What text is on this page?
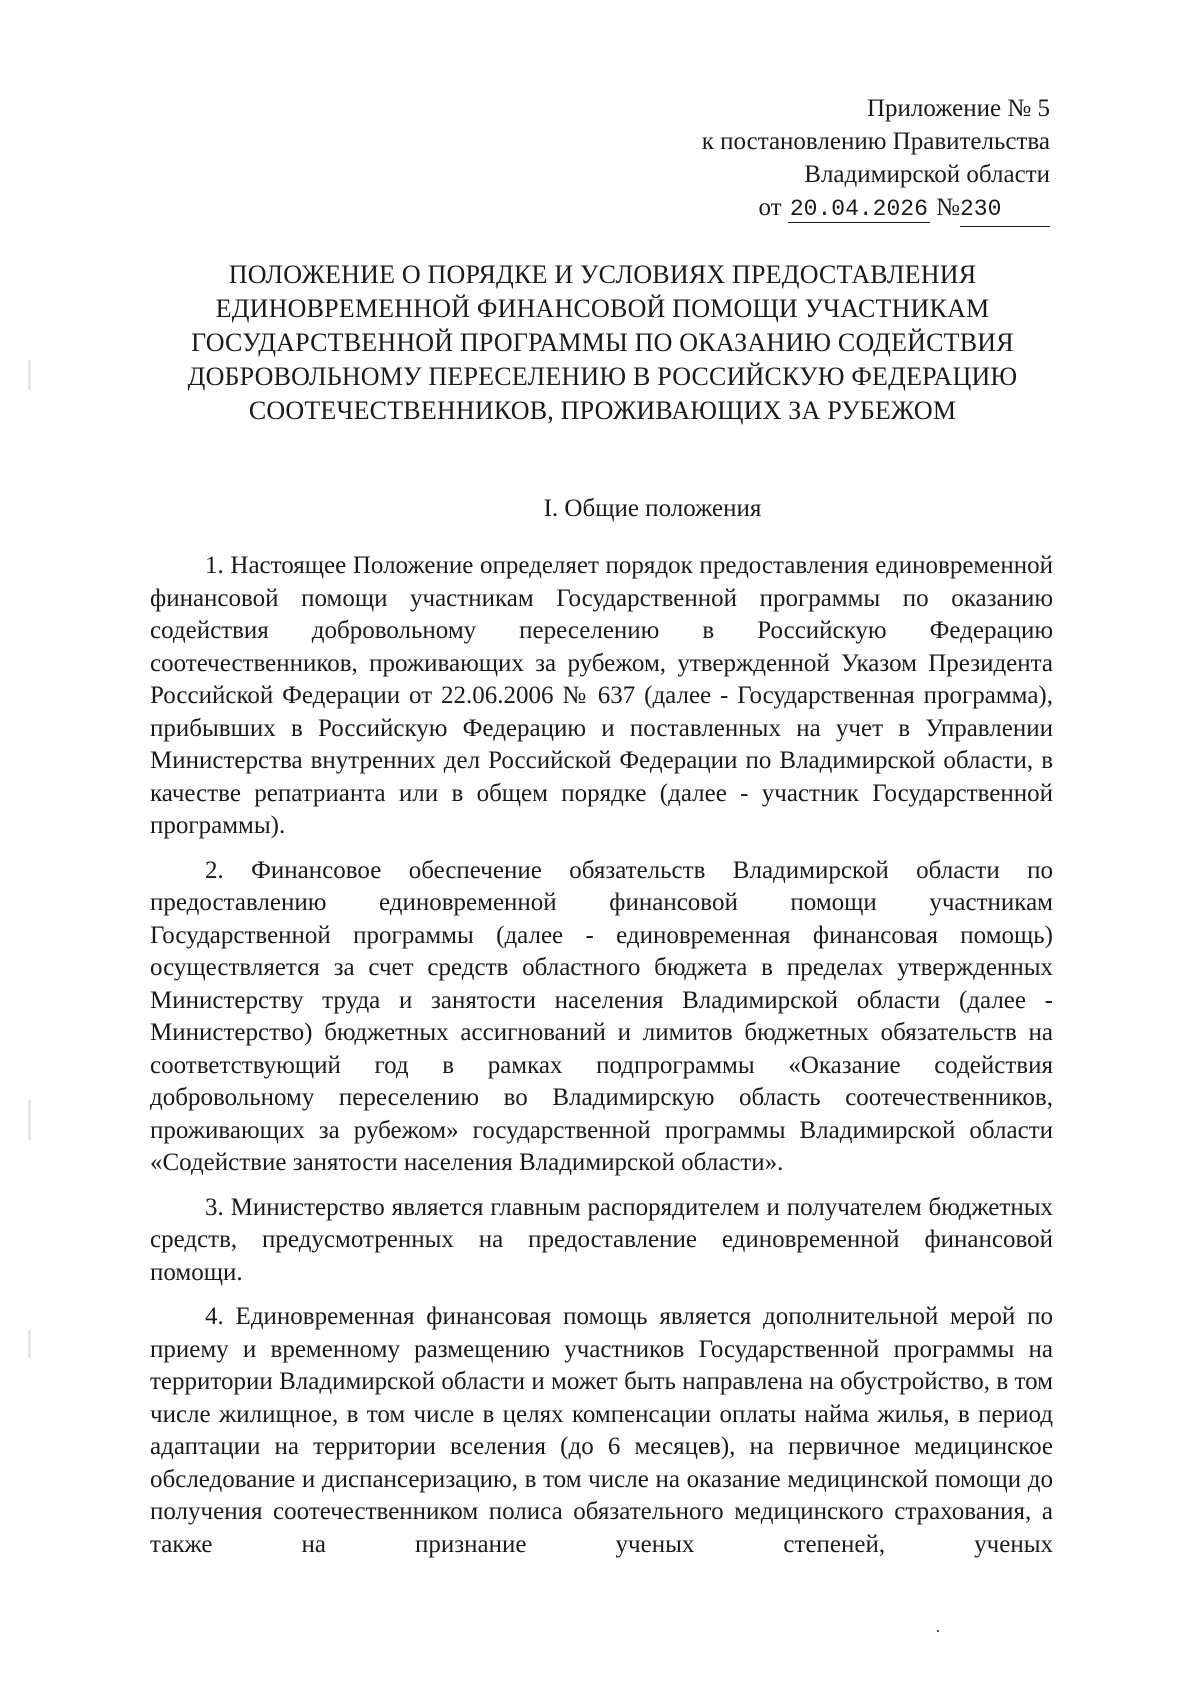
Приложение № 5
к постановлению Правительства
Владимирской области
от 20.04.2026 №230
ПОЛОЖЕНИЕ О ПОРЯДКЕ И УСЛОВИЯХ ПРЕДОСТАВЛЕНИЯ
ЕДИНОВРЕМЕННОЙ ФИНАНСОВОЙ ПОМОЩИ УЧАСТНИКАМ
ГОСУДАРСТВЕННОЙ ПРОГРАММЫ ПО ОКАЗАНИЮ СОДЕЙСТВИЯ
ДОБРОВОЛЬНОМУ ПЕРЕСЕЛЕНИЮ В РОССИЙСКУЮ ФЕДЕРАЦИЮ
СООТЕЧЕСТВЕННИКОВ, ПРОЖИВАЮЩИХ ЗА РУБЕЖОМ
I. Общие положения

1. Настоящее Положение определяет порядок предоставления единовременной финансовой помощи участникам Государственной программы по оказанию содействия добровольному переселению в Российскую Федерацию соотечественников, проживающих за рубежом, утвержденной Указом Президента Российской Федерации от 22.06.2006 № 637 (далее - Государственная программа), прибывших в Российскую Федерацию и поставленных на учет в Управлении Министерства внутренних дел Российской Федерации по Владимирской области, в качестве репатрианта или в общем порядке (далее - участник Государственной программы).

2. Финансовое обеспечение обязательств Владимирской области по предоставлению единовременной финансовой помощи участникам Государственной программы (далее - единовременная финансовая помощь) осуществляется за счет средств областного бюджета в пределах утвержденных Министерству труда и занятости населения Владимирской области (далее - Министерство) бюджетных ассигнований и лимитов бюджетных обязательств на соответствующий год в рамках подпрограммы «Оказание содействия добровольному переселению во Владимирскую область соотечественников, проживающих за рубежом» государственной программы Владимирской области «Содействие занятости населения Владимирской области».

3. Министерство является главным распорядителем и получателем бюджетных средств, предусмотренных на предоставление единовременной финансовой помощи.

4. Единовременная финансовая помощь является дополнительной мерой по приему и временному размещению участников Государственной программы на территории Владимирской области и может быть направлена на обустройство, в том числе жилищное, в том числе в целях компенсации оплаты найма жилья, в период адаптации на территории вселения (до 6 месяцев), на первичное медицинское обследование и диспансеризацию, в том числе на оказание медицинской помощи до получения соотечественником полиса обязательного медицинского страхования, а также на признание ученых степеней, ученых
